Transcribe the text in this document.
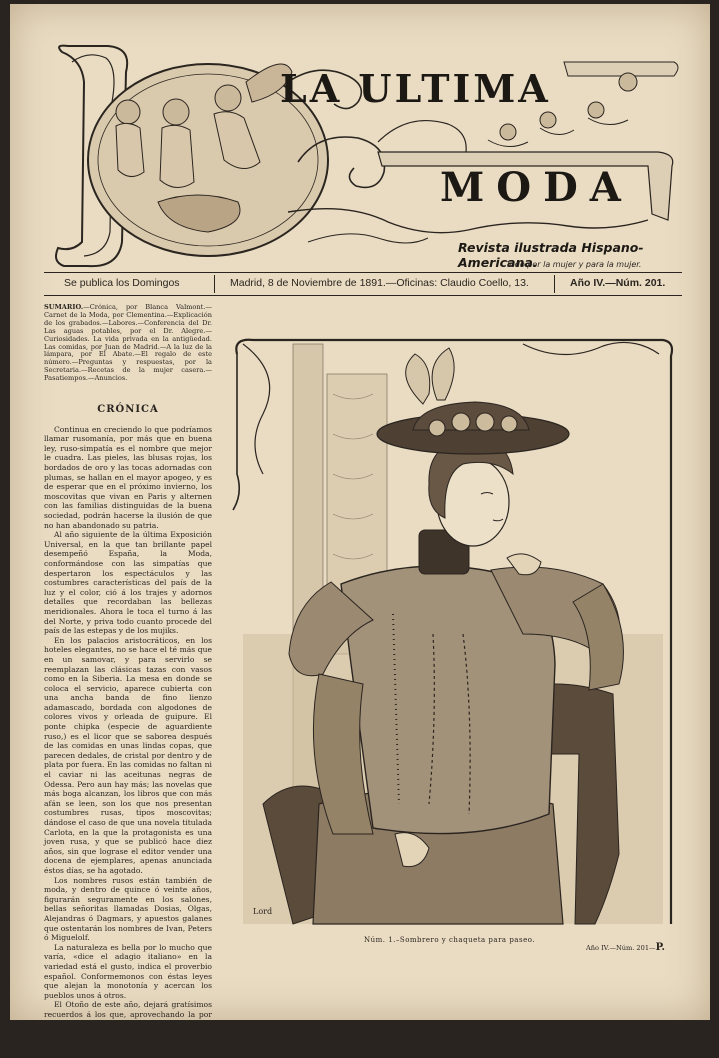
LA ULTIMA
MODA
Revista ilustrada Hispano-Americana.
Todo por la mujer y para la mujer.
Se publica los Domingos	Madrid, 8 de Noviembre de 1891.—Oficinas: Claudio Coello, 13.	Año IV.—Núm. 201.
SUMARIO.—Crónica, por Blanca Valmont.—Carnet de la Moda, por Clementina.—Explicación de los grabados.—Labores.—Conferencia del Dr. Las aguas potables, por el Dr. Alegre.—Curiosidades. La vida privada en la antigüedad. Las comidas, por Juan de Madrid.—A la luz de la lámpara, por El Abate.—El regalo de este número.—Preguntas y respuestas, por la Secretaria.—Recetas de la mujer casera.—Pasatiempos.—Anuncios.
CRÓNICA

Continua en creciendo lo que podríamos llamar rusomanía, por más que en buena ley, ruso-simpatía es el nombre que mejor le cuadra. Las pieles, las blusas rojas, los bordados de oro y las tocas adornadas con plumas, se hallan en el mayor apogeo, y es de esperar que en el próximo invierno, los moscovitas que vivan en Paris y alternen con las familias distinguidas de la buena sociedad, podrán hacerse la ilusión de que no han abandonado su patria.

Al año siguiente de la última Exposición Universal, en la que tan brillante papel desempeñó España, la Moda, conformándose con las simpatías que despertaron los espectáculos y las costumbres características del país de la luz y el color, ció á los trajes y adornos detalles que recordaban las bellezas meridionales. Ahora le toca el turno á las del Norte, y priva todo cuanto procede del país de las estepas y de los mujiks.

En los palacios aristocráticos, en los hoteles elegantes, no se hace el té más que en un samovar, y para servirlo se reemplazan las clásicas tazas con vasos como en la Siberia. La mesa en donde se coloca el servicio, aparece cubierta con una ancha banda de fino lienzo adamascado, bordada con algodones de colores vivos y orleada de guipure. El ponte chipka (especie de aguardiente ruso,) es el licor que se saborea después de las comidas en unas lindas copas, que parecen dedales, de cristal por dentro y de plata por fuera. En las comidas no faltan ni el caviar ni las aceitunas negras de Odessa. Pero aun hay más; las novelas que más boga alcanzan, los libros que con más afán se leen, son los que nos presentan costumbres rusas, tipos moscovitas; dándose el caso de que una novela titulada Carlota, en la que la protagonista es una joven rusa, y que se publicó hace diez años, sin que lograse el editor vender una docena de ejemplares, apenas anunciada éstos días, se ha agotado.

Los nombres rusos están también de moda, y dentro de quince ó veinte años, figurarán seguramente en los salones, bellas señoritas llamadas Dosias, Olgas, Alejandras ó Dagmars, y apuestos galanes que ostentarán los nombres de Ivan, Peters ó Miguelolf.

La naturaleza es bella por lo mucho que varía, «dice el adagio italiano» en la variedad está el gusto, indica el proverbio español. Conformemonos con éstas leyes que alejan la monotonía y acercan los pueblos unos á otros.

El Otoño de este año, dejará gratísimos recuerdos á los que, aprovechando la por lo general agradabilísima temperatura con que nos ha favorecido, han podido prolongar su estancia en el campo, disfrutando

Lord
Núm. 1.–Sombrero y chaqueta para paseo.
Año IV.—Núm. 201—P.
